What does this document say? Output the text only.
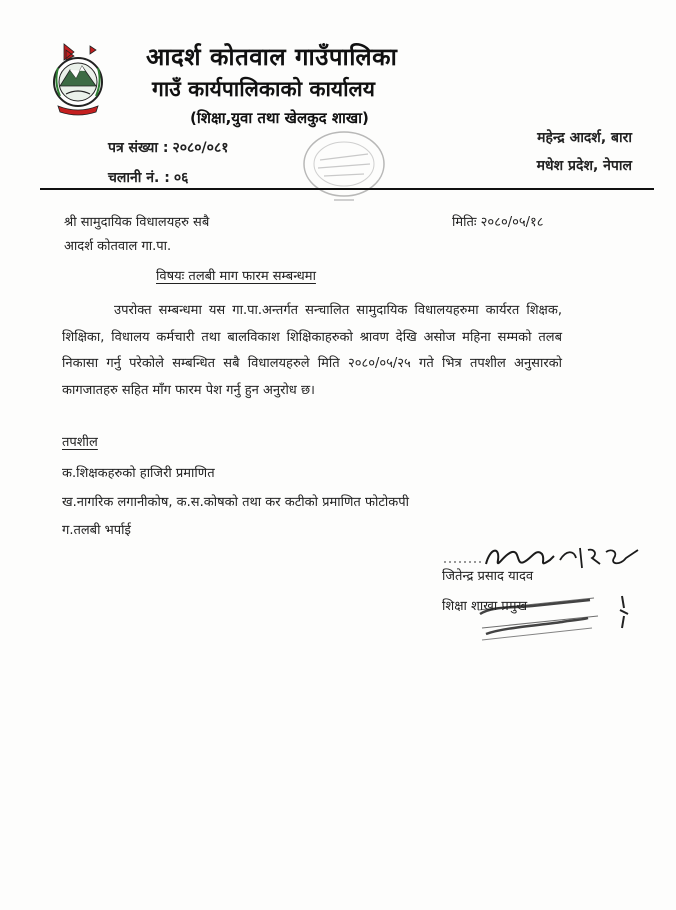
आदर्श कोतवाल गाउँपालिका
गाउँ कार्यपालिकाको कार्यालय
(शिक्षा,युवा तथा खेलकुद शाखा)
पत्र संख्या : २०८०/०८१
चलानी नं. : ०६
महेन्द्र आदर्श, बारा
मधेश प्रदेश, नेपाल
श्री सामुदायिक विधालयहरु सबै
आदर्श कोतवाल गा.पा.
मितिः २०८०/०५/१८
विषयः तलबी माग फारम सम्बन्धमा
उपरोक्त सम्बन्धमा यस गा.पा.अन्तर्गत सन्चालित सामुदायिक विधालयहरुमा कार्यरत शिक्षक, शिक्षिका, विधालय कर्मचारी तथा बालविकाश शिक्षिकाहरुको श्रावण देखि असोज महिना सम्मको तलब निकासा गर्नु परेकोले सम्बन्धित सबै विधालयहरुले मिति २०८०/०५/२५ गते भित्र तपशील अनुसारको कागजातहरु सहित माँग फारम पेश गर्नु हुन अनुरोध छ।
तपशील
क.शिक्षकहरुको हाजिरी प्रमाणित
ख.नागरिक लगानीकोष, क.स.कोषको तथा कर कटीको प्रमाणित फोटोकपी
ग.तलबी भर्पाई
जितेन्द्र प्रसाद यादव
शिक्षा शाखा प्रमुख
